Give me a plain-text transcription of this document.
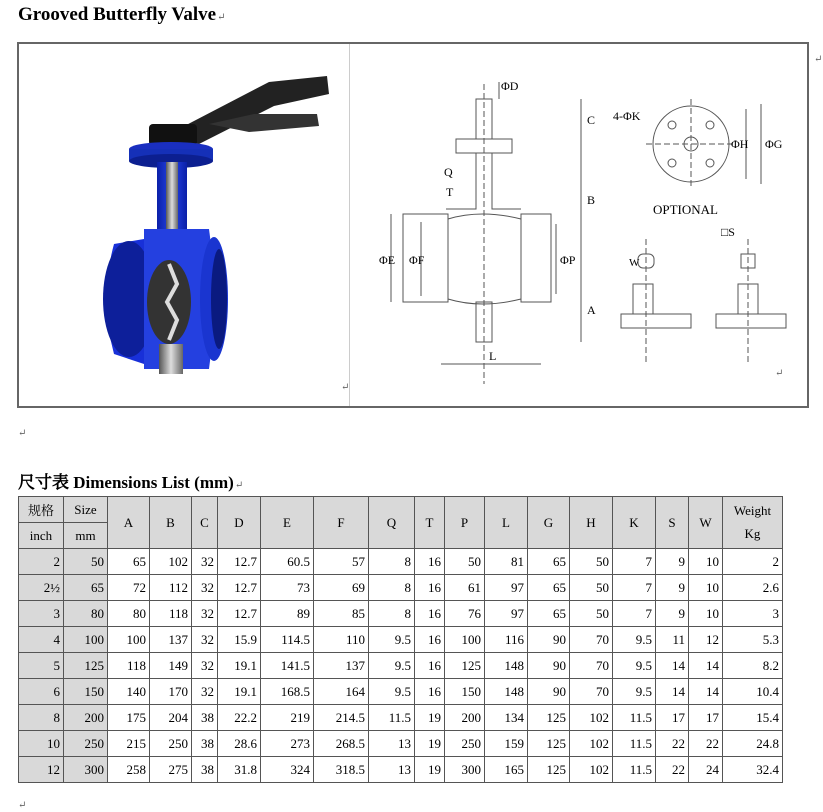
Grooved Butterfly Valve↵
↵
ΦD
C
B
A
Q
T
ΦE ΦF	ΦP
L
4-ΦK
ΦH ΦG
OPTIONAL
□S
W
↵
↵
↵
尺寸表 Dimensions List (mm)↵
规格	Size	A	B	C	D	E	F	Q	T	P	L	G	H	K	S	W	Weight
Kg
inch	mm																
2	50	65	102	32	12.7	60.5	57	8	16	50	81	65	50	7	9	10	2
2½	65	72	112	32	12.7	73	69	8	16	61	97	65	50	7	9	10	2.6
3	80	80	118	32	12.7	89	85	8	16	76	97	65	50	7	9	10	3
4	100	100	137	32	15.9	114.5	110	9.5	16	100	116	90	70	9.5	11	12	5.3
5	125	118	149	32	19.1	141.5	137	9.5	16	125	148	90	70	9.5	14	14	8.2
6	150	140	170	32	19.1	168.5	164	9.5	16	150	148	90	70	9.5	14	14	10.4
8	200	175	204	38	22.2	219	214.5	11.5	19	200	134	125	102	11.5	17	17	15.4
10	250	215	250	38	28.6	273	268.5	13	19	250	159	125	102	11.5	22	22	24.8
12	300	258	275	38	31.8	324	318.5	13	19	300	165	125	102	11.5	22	24	32.4
↵
